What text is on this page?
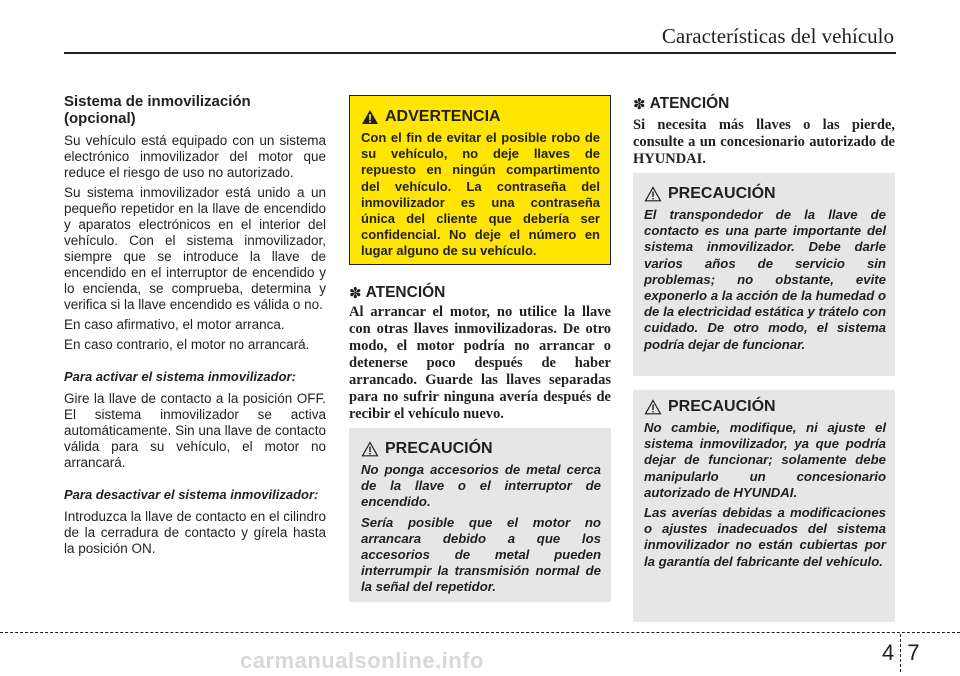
Características del vehículo
Sistema de inmovilización (opcional)

Su vehículo está equipado con un sistema electrónico inmovilizador del motor que reduce el riesgo de uso no autorizado.

Su sistema inmovilizador está unido a un pequeño repetidor en la llave de encendido y aparatos electrónicos en el interior del vehículo. Con el sistema inmovilizador, siempre que se introduce la llave de encendido en el interruptor de encendido y lo encienda, se comprueba, determina y verifica si la llave encendido es válida o no.

En caso afirmativo, el motor arranca.

En caso contrario, el motor no arrancará.

Para activar el sistema inmovilizador:

Gire la llave de contacto a la posición OFF. El sistema inmovilizador se activa automáticamente. Sin una llave de contacto válida para su vehículo, el motor no arrancará.

Para desactivar el sistema inmovilizador:

Introduzca la llave de contacto en el cilindro de la cerradura de contacto y gírela hasta la posición ON.

ADVERTENCIA
Con el fin de evitar el posible robo de su vehículo, no deje llaves de repuesto en ningún compartimento del vehículo. La contraseña del inmovilizador es una contraseña única del cliente que debería ser confidencial. No deje el número en lugar alguno de su vehículo.
✽ ATENCIÓN
Al arrancar el motor, no utilice la llave con otras llaves inmovilizadoras. De otro modo, el motor podría no arrancar o detenerse poco después de haber arrancado. Guarde las llaves separadas para no sufrir ninguna avería después de recibir el vehículo nuevo.
PRECAUCIÓN

No ponga accesorios de metal cerca de la llave o el interruptor de encendido.

Sería posible que el motor no arrancara debido a que los accesorios de metal pueden interrumpir la transmisión normal de la señal del repetidor.

✽ ATENCIÓN
Si necesita más llaves o las pierde, consulte a un concesionario autorizado de HYUNDAI.
PRECAUCIÓN
El transpondedor de la llave de contacto es una parte importante del sistema inmovilizador. Debe darle varios años de servicio sin problemas; no obstante, evite exponerlo a la acción de la humedad o de la electricidad estática y trátelo con cuidado. De otro modo, el sistema podría dejar de funcionar.
PRECAUCIÓN

No cambie, modifique, ni ajuste el sistema inmovilizador, ya que podría dejar de funcionar; solamente debe manipularlo un concesionario autorizado de HYUNDAI.

Las averías debidas a modificaciones o ajustes inadecuados del sistema inmovilizador no están cubiertas por la garantía del fabricante del vehículo.

4 7
carmanualsonline.info
